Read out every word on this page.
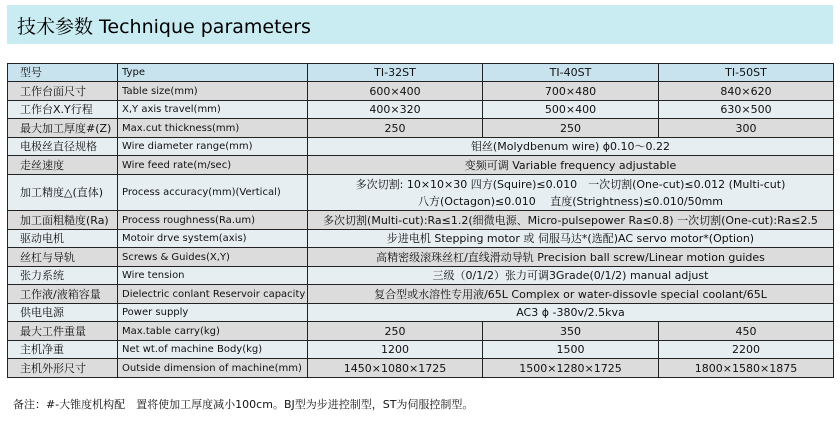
技术参数 Technique parameters
型号	Type	TI-32ST	TI-40ST	TI-50ST
工作台面尺寸	Table size(mm)	600×400	700×480	840×620
工作台X.Y行程	X,Y axis travel(mm)	400×320	500×400	630×500
最大加工厚度#(Z)	Max.cut thickness(mm)	250	250	300
电极丝直径规格	Wire diameter range(mm)	钼丝(Molydbenum wire) ϕ0.10～0.22		
走丝速度	Wire feed rate(m/sec)	变频可调 Variable frequency adjustable		
加工精度△(直体)	Process accuracy(mm)(Vertical)	多次切割: 10×10×30 四方(Squire)≤0.010　一次切割(One-cut)≤0.012 (Multi-cut)
八方(Octagon)≤0.010　 直度(Strightness)≤0.010/50mm		

加工面粗糙度(Ra)	Process roughness(Ra.um)	多次切割(Multi-cut):Ra≤1.2(细微电源、Micro-pulsepower Ra≤0.8) 一次切割(One-cut):Ra≤2.5		
驱动电机	Motoir drve system(axis)	步进电机 Stepping motor 或 伺服马达*(选配)AC servo motor*(Option)		
丝杠与导轨	Screws & Guides(X,Y)	高精密级滚珠丝杠/直线滑动导轨 Precision ball screw/Linear motion guides		
张力系统	Wire tension	三级（0/1/2）张力可调3Grade(0/1/2) manual adjust		
工作液/液箱容量	Dielectric conlant Reservoir capacity	复合型或水溶性专用液/65L Complex or water-dissovle special coolant/65L		
供电电源	Power supply	AC3 ϕ -380v/2.5kva		
最大工件重量	Max.table carry(kg)	250	350	450
主机净重	Net wt.of machine Body(kg)	1200	1500	2200
主机外形尺寸	Outside dimension of machine(mm)	1450×1080×1725	1500×1280×1725	1800×1580×1875
备注：#-大锥度机构配　置将使加工厚度减小100cm。BJ型为步进控制型，ST为伺服控制型。
